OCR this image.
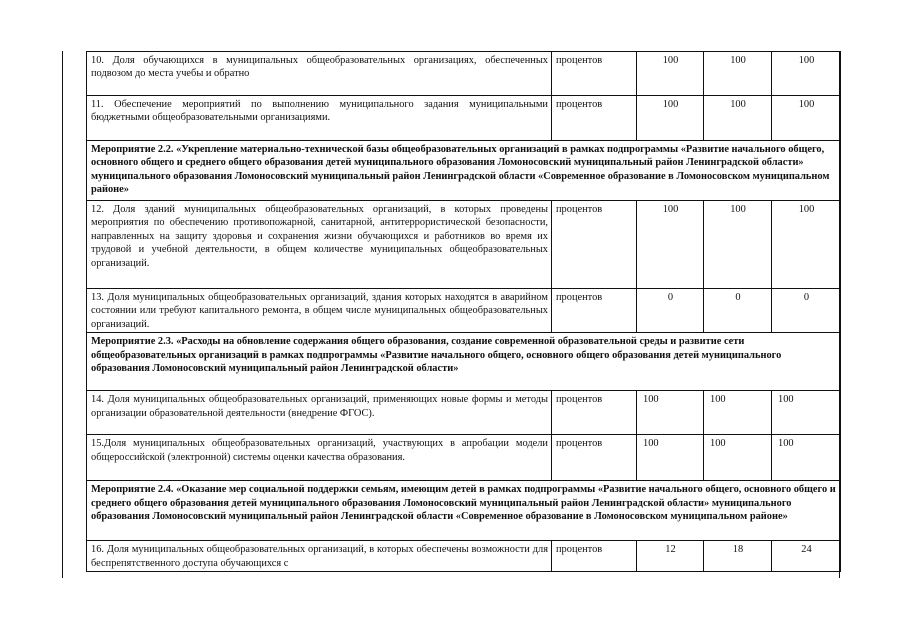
10. Доля обучающихся в муниципальных общеобразовательных организациях, обеспеченных подвозом до места учебы и обратно	процентов	100	100	100
11. Обеспечение мероприятий по выполнению муниципального задания муниципальными бюджетными общеобразовательными организациями.	процентов	100	100	100
Мероприятие 2.2. «Укрепление материально-технической базы общеобразовательных организаций в рамках подпрограммы «Развитие начального общего, основного общего и среднего общего образования детей муниципального образования Ломоносовский муниципальный район Ленинградской области» муниципального образования Ломоносовский муниципальный район Ленинградской области «Современное образование в Ломоносовском муниципальном районе»				
12. Доля зданий муниципальных общеобразовательных организаций, в которых проведены мероприятия по обеспечению противопожарной, санитарной, антитеррористической безопасности, направленных на защиту здоровья и сохранения жизни обучающихся и работников во время их трудовой и учебной деятельности, в общем количестве муниципальных общеобразовательных организаций.	процентов	100	100	100
13. Доля муниципальных общеобразовательных организаций, здания которых находятся в аварийном состоянии или требуют капитального ремонта, в общем числе муниципальных общеобразовательных организаций.	процентов	0	0	0
Мероприятие 2.3. «Расходы на обновление содержания общего образования, создание современной образовательной среды и развитие сети общеобразовательных организаций в рамках подпрограммы «Развитие начального общего, основного общего образования детей муниципального образования Ломоносовский муниципальный район Ленинградской области»				
14. Доля муниципальных общеобразовательных организаций, применяющих новые формы и методы организации образовательной деятельности (внедрение ФГОС).	процентов	100	100	100
15.Доля муниципальных общеобразовательных организаций, участвующих в апробации модели общероссийской (электронной) системы оценки качества образования.	процентов	100	100	100
Мероприятие 2.4. «Оказание мер социальной поддержки семьям, имеющим детей в рамках подпрограммы «Развитие начального общего, основного общего и среднего общего образования детей муниципального образования Ломоносовский муниципальный район Ленинградской области» муниципального образования Ломоносовский муниципальный район Ленинградской области «Современное образование в Ломоносовском муниципальном районе»				
16. Доля муниципальных общеобразовательных организаций, в которых обеспечены возможности для беспрепятственного доступа обучающихся с	процентов	12	18	24
